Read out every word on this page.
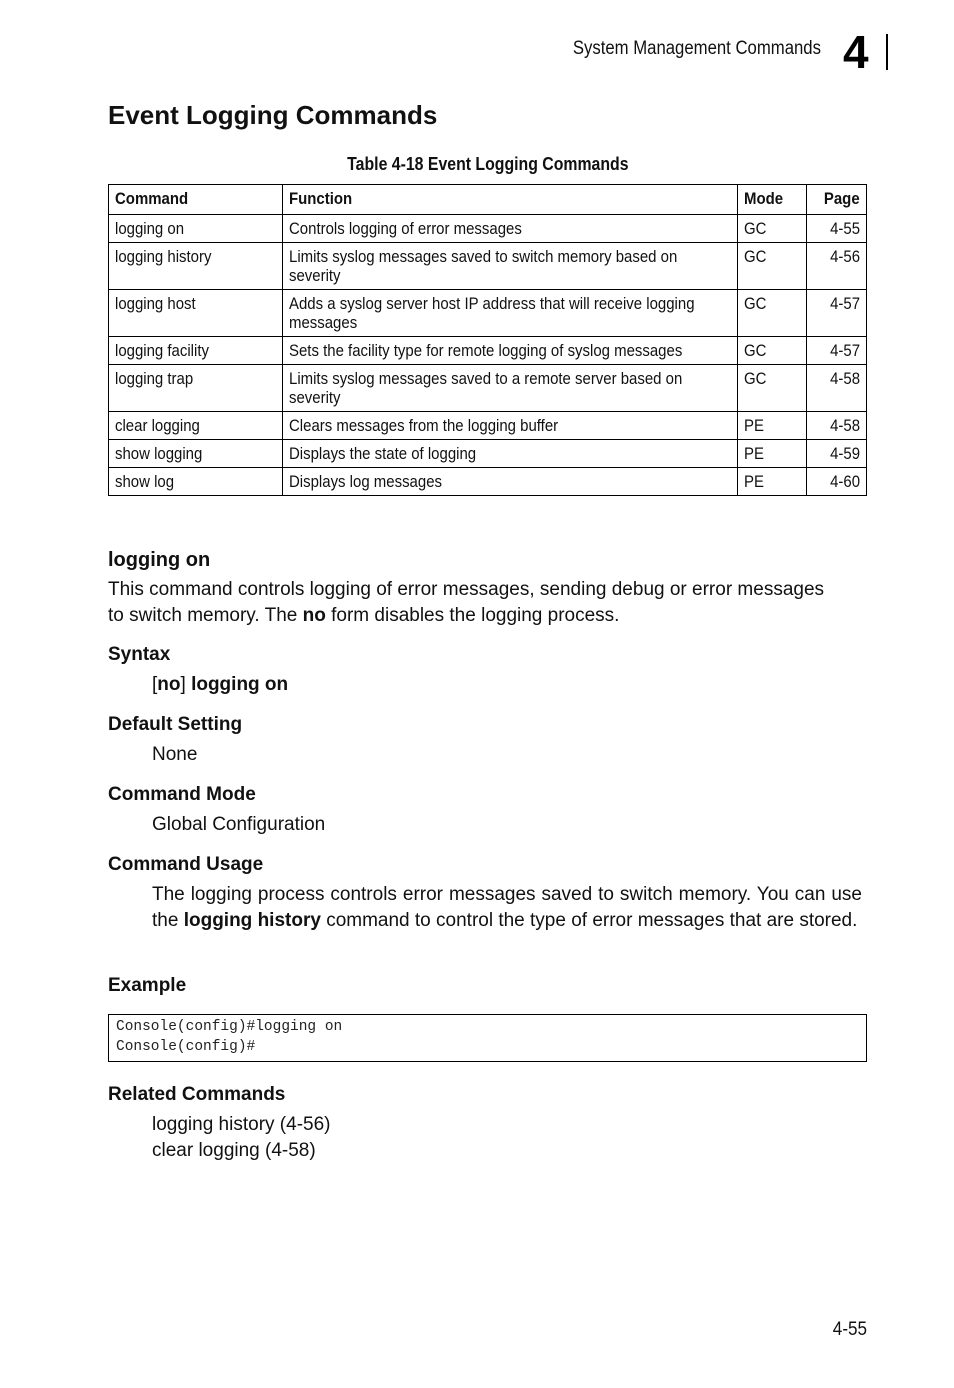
System Management Commands 4
Event Logging Commands
Table 4-18 Event Logging Commands
Command	Function	Mode	Page
logging on	Controls logging of error messages	GC	4-55
logging history	Limits syslog messages saved to switch memory based on severity	GC	4-56
logging host	Adds a syslog server host IP address that will receive logging messages	GC	4-57
logging facility	Sets the facility type for remote logging of syslog messages	GC	4-57
logging trap	Limits syslog messages saved to a remote server based on severity	GC	4-58
clear logging	Clears messages from the logging buffer	PE	4-58
show logging	Displays the state of logging	PE	4-59
show log	Displays log messages	PE	4-60
logging on

This command controls logging of error messages, sending debug or error messages to switch memory. The no form disables the logging process.

Syntax

[no] logging on

Default Setting

None

Command Mode

Global Configuration

Command Usage

The logging process controls error messages saved to switch memory. You can use the logging history command to control the type of error messages that are stored.

Example
Console(config)#logging on
Console(config)#
Related Commands

logging history (4-56)

clear logging (4-58)

4-55
